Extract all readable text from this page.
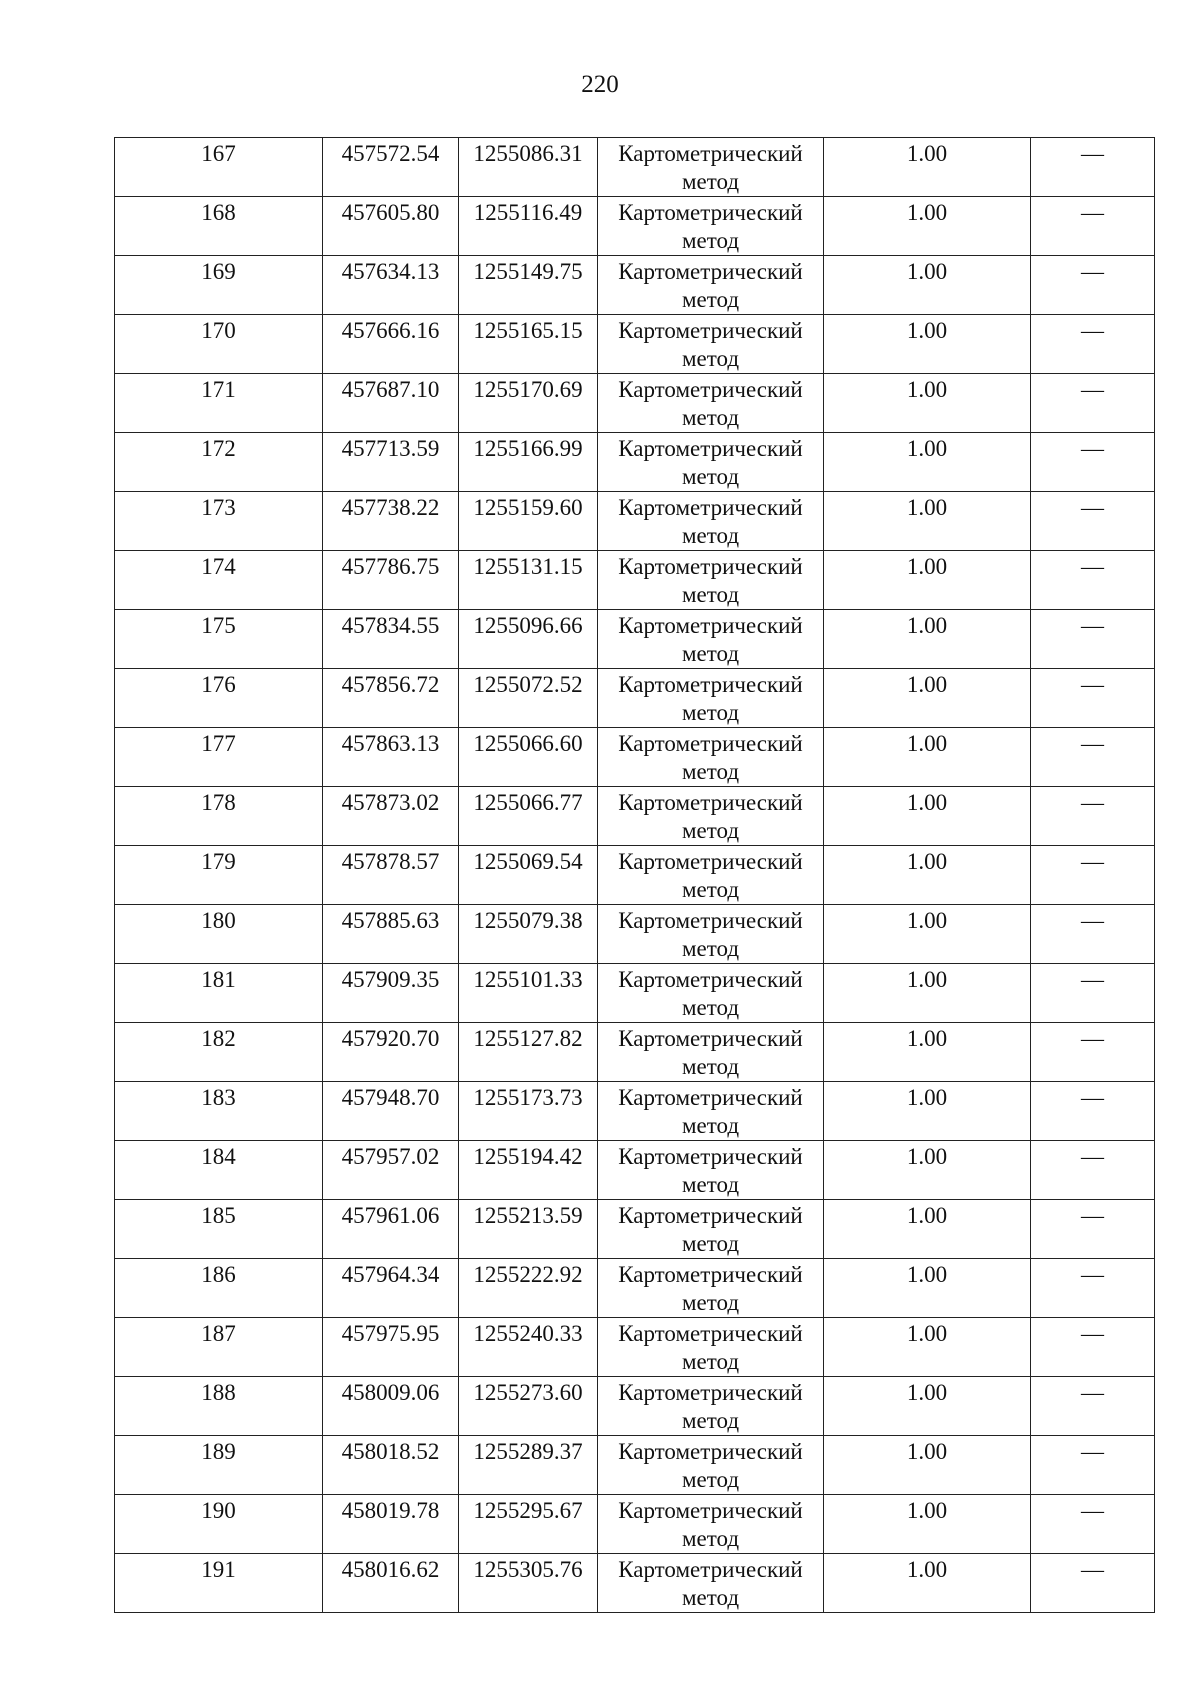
220
167	457572.54	1255086.31	Картометрический
метод	1.00	—
168	457605.80	1255116.49	Картометрический
метод	1.00	—
169	457634.13	1255149.75	Картометрический
метод	1.00	—
170	457666.16	1255165.15	Картометрический
метод	1.00	—
171	457687.10	1255170.69	Картометрический
метод	1.00	—
172	457713.59	1255166.99	Картометрический
метод	1.00	—
173	457738.22	1255159.60	Картометрический
метод	1.00	—
174	457786.75	1255131.15	Картометрический
метод	1.00	—
175	457834.55	1255096.66	Картометрический
метод	1.00	—
176	457856.72	1255072.52	Картометрический
метод	1.00	—
177	457863.13	1255066.60	Картометрический
метод	1.00	—
178	457873.02	1255066.77	Картометрический
метод	1.00	—
179	457878.57	1255069.54	Картометрический
метод	1.00	—
180	457885.63	1255079.38	Картометрический
метод	1.00	—
181	457909.35	1255101.33	Картометрический
метод	1.00	—
182	457920.70	1255127.82	Картометрический
метод	1.00	—
183	457948.70	1255173.73	Картометрический
метод	1.00	—
184	457957.02	1255194.42	Картометрический
метод	1.00	—
185	457961.06	1255213.59	Картометрический
метод	1.00	—
186	457964.34	1255222.92	Картометрический
метод	1.00	—
187	457975.95	1255240.33	Картометрический
метод	1.00	—
188	458009.06	1255273.60	Картометрический
метод	1.00	—
189	458018.52	1255289.37	Картометрический
метод	1.00	—
190	458019.78	1255295.67	Картометрический
метод	1.00	—
191	458016.62	1255305.76	Картометрический
метод	1.00	—
